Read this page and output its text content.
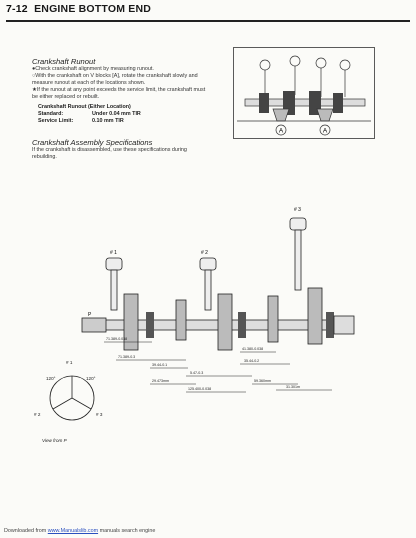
7-12 ENGINE BOTTOM END
Crankshaft Runout
●Check crankshaft alignment by measuring runout.
○With the crankshaft on V blocks [A], rotate the crankshaft slowly and
measure runout at each of the locations shown.
★If the runout at any point exceeds the service limit, the crankshaft must
be either replaced or rebuilt.
Crankshaft Runout (Either Location)
Standard:	Under 0.04 mm TIR
Service Limit:	0.10 mm TIR
A	A
Crankshaft Assembly Specifications
If the crankshaft is disassembled, use these specifications during
rebuilding.
# 1	# 2
# 3
P
71.389-0.038
71.389-0.3
39.44-0.1
29.473mm
5.47-0.3
125.400-0.038
41.380-0.038
35.44-0.2
59.360mm
31.301m
# 1
# 2	# 3
120°	120°
View from P
Downloaded from www.Manualslib.com manuals search engine
